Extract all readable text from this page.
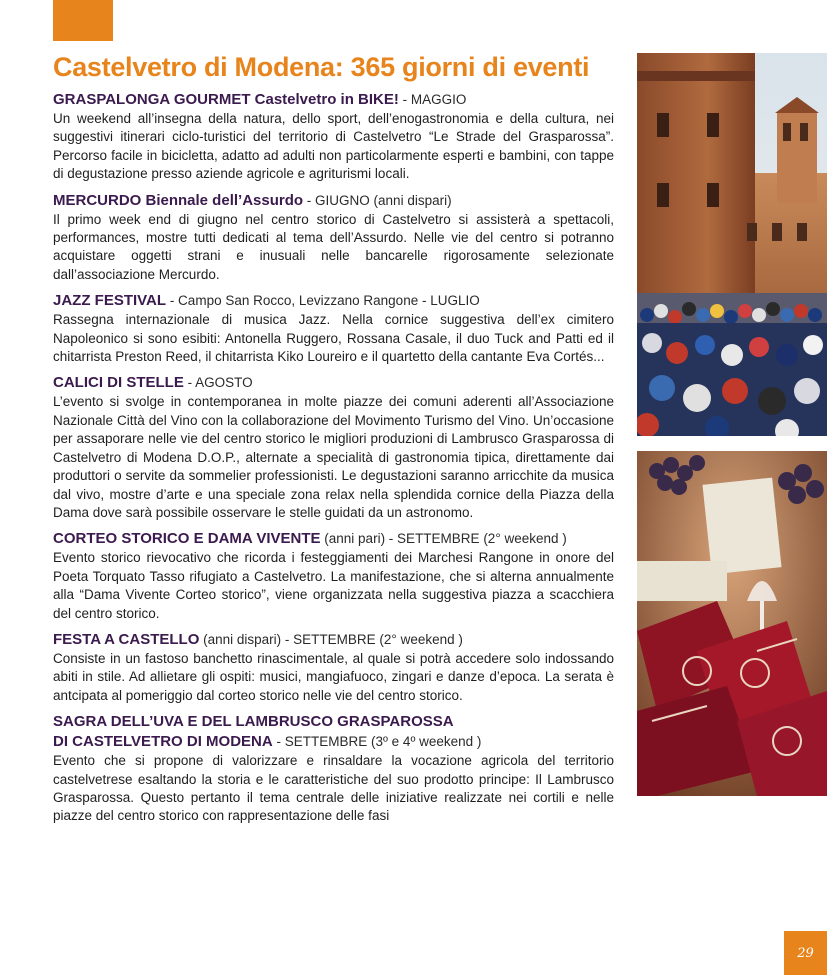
Castelvetro di Modena: 365 giorni di eventi
GRASPALONGA GOURMET Castelvetro in BIKE! - MAGGIO

Un weekend all’insegna della natura, dello sport, dell’enogastronomia e della cultura, nei suggestivi itinerari ciclo-turistici del territorio di Castelvetro “Le Strade del Grasparossa”. Percorso facile in bicicletta, adatto ad adulti non particolarmente esperti e bambini, con tappe di degustazione presso aziende agricole e agriturismi locali.

MERCURDO Biennale dell’Assurdo - GIUGNO (anni dispari)

Il primo week end di giugno nel centro storico di Castelvetro si assisterà a spettacoli, performances, mostre tutti dedicati al tema dell’Assurdo. Nelle vie del centro si potranno acquistare oggetti strani e inusuali nelle bancarelle rigorosamente selezionate dall’associazione Mercurdo.

JAZZ FESTIVAL - Campo San Rocco, Levizzano Rangone - LUGLIO

Rassegna internazionale di musica Jazz. Nella cornice suggestiva dell’ex cimitero Napoleonico si sono esibiti: Antonella Ruggero, Rossana Casale, il duo Tuck and Patti ed il chitarrista Preston Reed, il chitarrista Kiko Loureiro e il quartetto della cantante Eva Cortés...

CALICI DI STELLE - AGOSTO

L’evento si svolge in contemporanea in molte piazze dei comuni aderenti all’Associazione Nazionale Città del Vino con la collaborazione del Movimento Turismo del Vino. Un’occasione per assaporare nelle vie del centro storico le migliori produzioni di Lambrusco Grasparossa di Castelvetro di Modena D.O.P., alternate a specialità di gastronomia tipica, direttamente dai produttori o servite da sommelier professionisti. Le degustazioni saranno arricchite da musica dal vivo, mostre d’arte e una speciale zona relax nella splendida cornice della Piazza della Dama dove sarà possibile osservare le stelle guidati da un astronomo.

CORTEO STORICO E DAMA VIVENTE (anni pari) - SETTEMBRE (2° weekend )

Evento storico rievocativo che ricorda i festeggiamenti dei Marchesi Rangone in onore del Poeta Torquato Tasso rifugiato a Castelvetro. La manifestazione, che si alterna annualmente alla “Dama Vivente Corteo storico”, viene organizzata nella suggestiva piazza a scacchiera del centro storico.

FESTA A CASTELLO (anni dispari) - SETTEMBRE (2° weekend )

Consiste in un fastoso banchetto rinascimentale, al quale si potrà accedere solo indossando abiti in stile. Ad allietare gli ospiti: musici, mangiafuoco, zingari e danze d’epoca. La serata è antcipata al pomeriggio dal corteo storico nelle vie del centro storico.

SAGRA DELL’UVA E DEL LAMBRUSCO GRASPAROSSA
DI CASTELVETRO DI MODENA - SETTEMBRE (3º e 4º weekend )

Evento che si propone di valorizzare e rinsaldare la vocazione agricola del territorio castelvetrese esaltando la storia e le caratteristiche del suo prodotto principe: Il Lambrusco Grasparossa. Questo pertanto il tema centrale delle iniziative realizzate nei cortili e nelle piazze del centro storico con rappresentazione delle fasi

29
